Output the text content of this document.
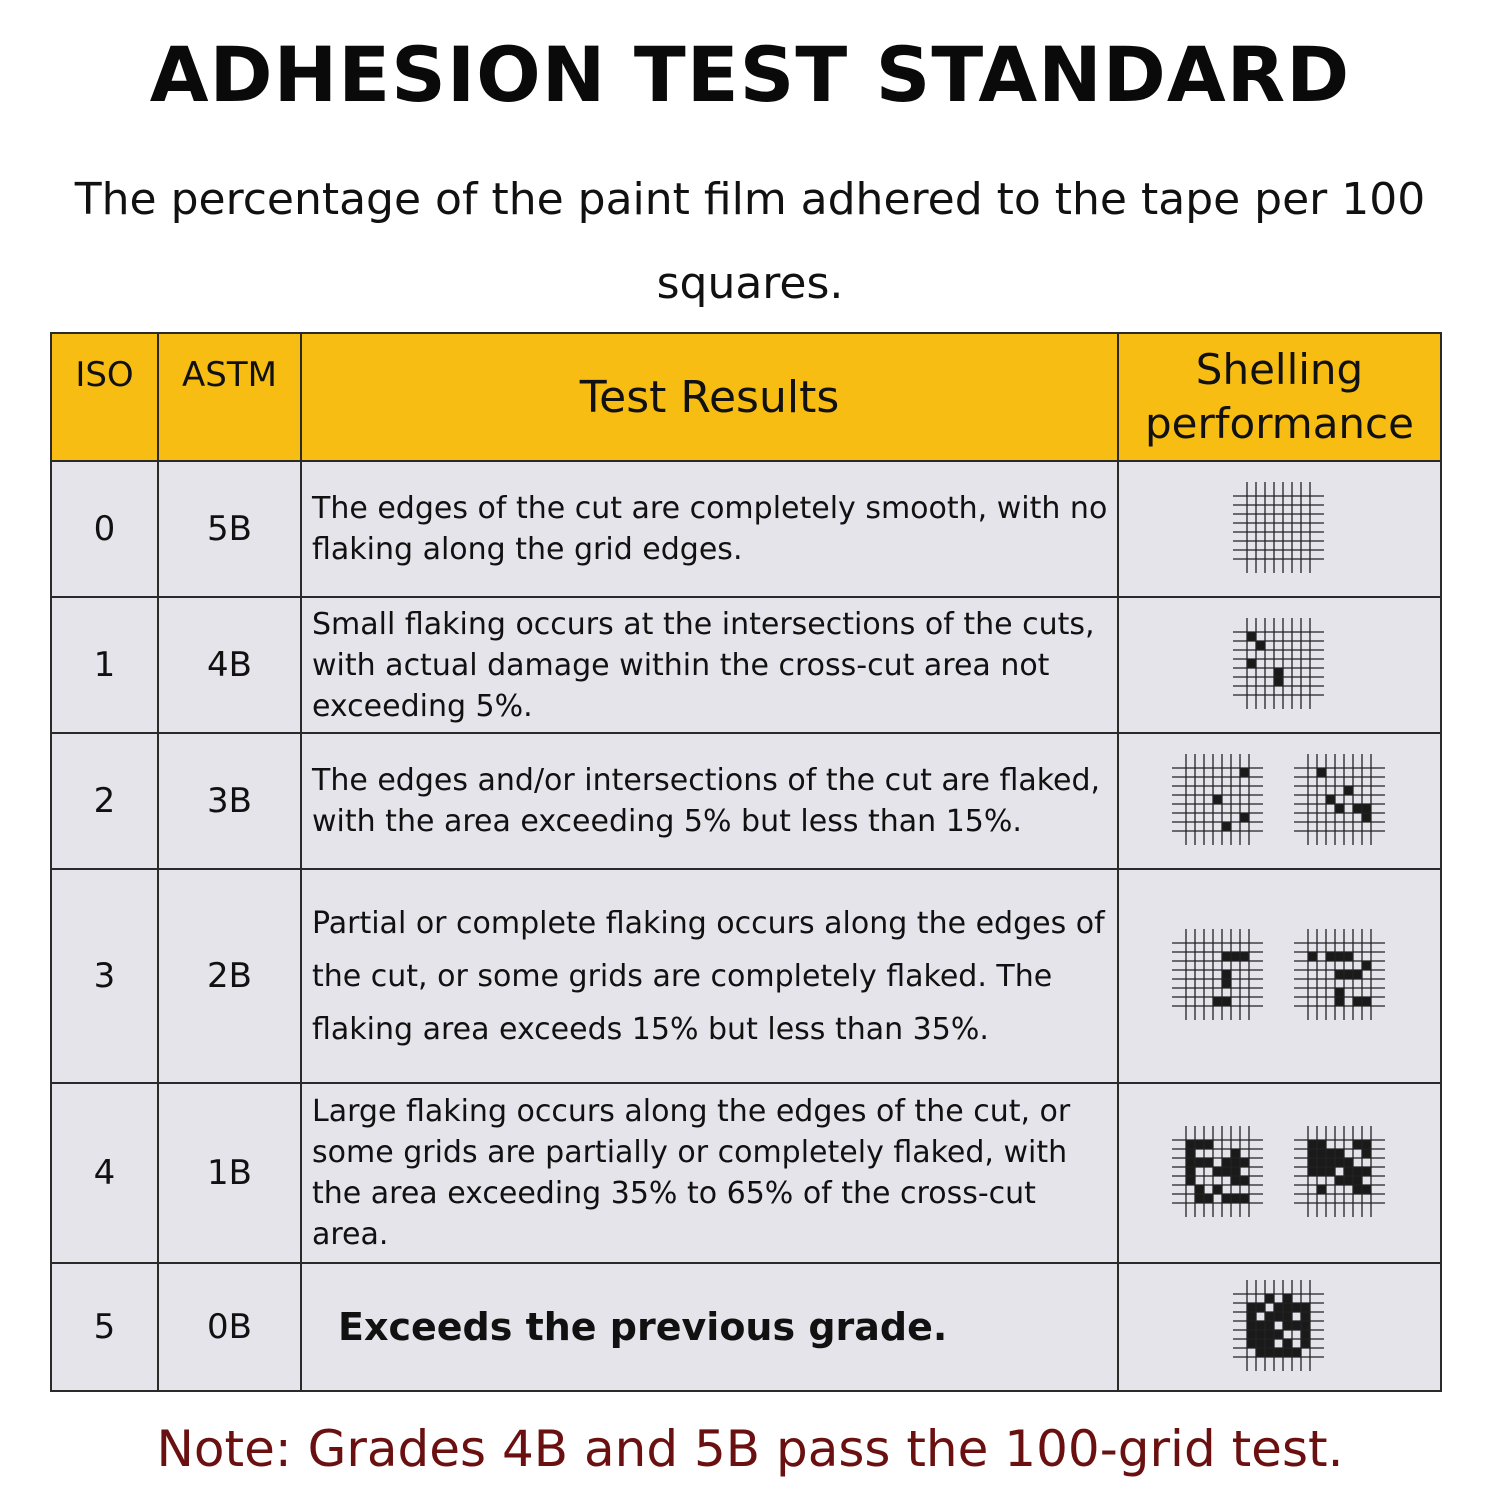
ADHESION TEST STANDARD
The percentage of the paint film adhered to the tape per 100 squares.
ISO	ASTM	Test Results	Shelling performance
0	5B	The edges of the cut are completely smooth, with no flaking along the grid edges.	
1	4B	Small flaking occurs at the intersections of the cuts, with actual damage within the cross-cut area not exceeding 5%.	
2	3B	The edges and/or intersections of the cut are flaked, with the area exceeding 5% but less than 15%.	
3	2B	Partial or complete flaking occurs along the edges of the cut, or some grids are completely flaked. The flaking area exceeds 15% but less than 35%.	
4	1B	Large flaking occurs along the edges of the cut, or some grids are partially or completely flaked, with the area exceeding 35% to 65% of the cross-cut area.	
5	0B	Exceeds the previous grade.	
Note: Grades 4B and 5B pass the 100-grid test.
